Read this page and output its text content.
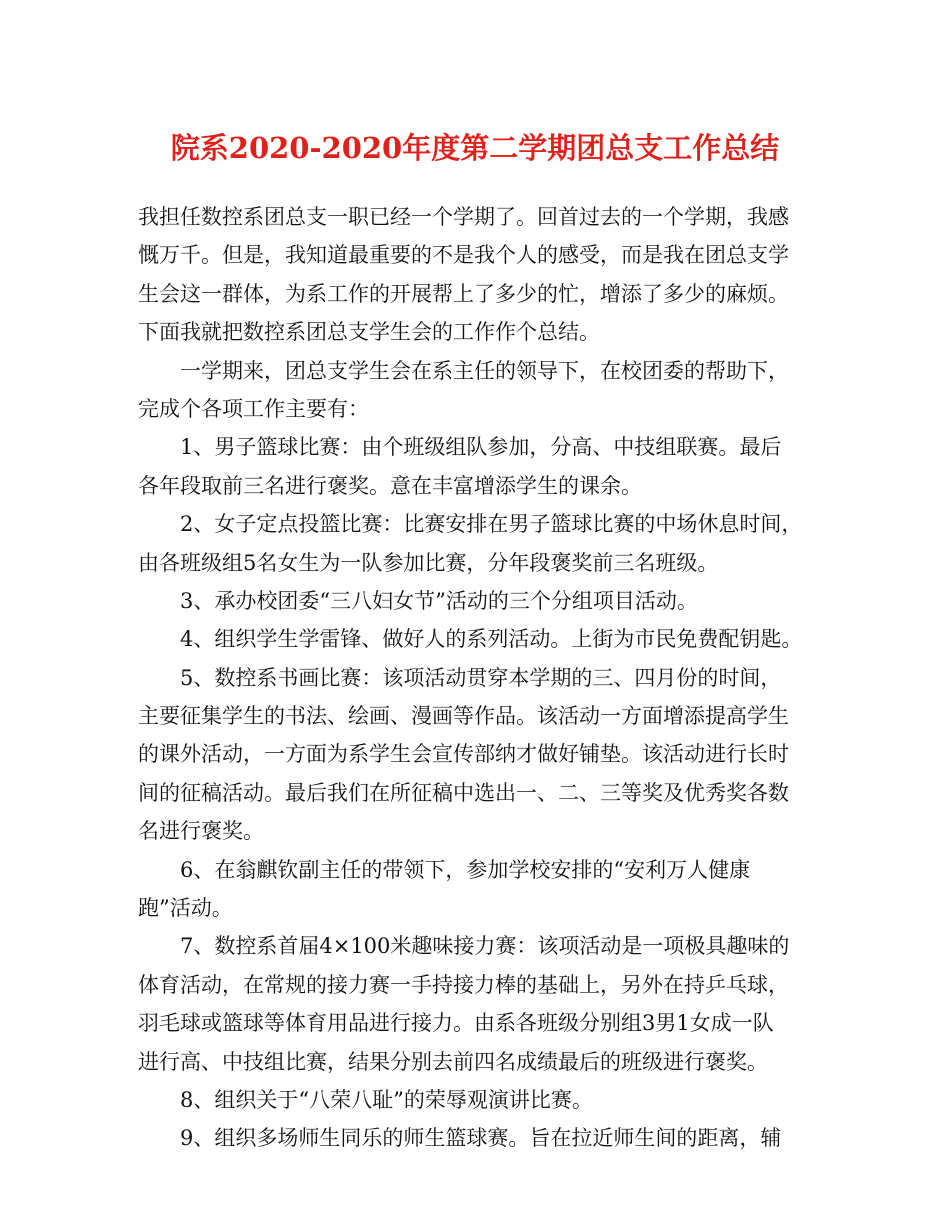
院系2020-2020年度第二学期团总支工作总结
我担任数控系团总支一职已经一个学期了。回首过去的一个学期，我感
慨万千。但是，我知道最重要的不是我个人的感受，而是我在团总支学
生会这一群体，为系工作的开展帮上了多少的忙，增添了多少的麻烦。
下面我就把数控系团总支学生会的工作作个总结。
一学期来，团总支学生会在系主任的领导下，在校团委的帮助下，
完成个各项工作主要有：
1、男子篮球比赛：由个班级组队参加，分高、中技组联赛。最后
各年段取前三名进行褒奖。意在丰富增添学生的课余。
2、女子定点投篮比赛：比赛安排在男子篮球比赛的中场休息时间，
由各班级组5名女生为一队参加比赛，分年段褒奖前三名班级。
3、承办校团委“三八妇女节”活动的三个分组项目活动。
4、组织学生学雷锋、做好人的系列活动。上街为市民免费配钥匙。
5、数控系书画比赛：该项活动贯穿本学期的三、四月份的时间，
主要征集学生的书法、绘画、漫画等作品。该活动一方面增添提高学生
的课外活动，一方面为系学生会宣传部纳才做好铺垫。该活动进行长时
间的征稿活动。最后我们在所征稿中选出一、二、三等奖及优秀奖各数
名进行褒奖。
6、在翁麒钦副主任的带领下，参加学校安排的“安利万人健康
跑”活动。
7、数控系首届4×100米趣味接力赛：该项活动是一项极具趣味的
体育活动，在常规的接力赛一手持接力棒的基础上，另外在持乒乓球，
羽毛球或篮球等体育用品进行接力。由系各班级分别组3男1女成一队
进行高、中技组比赛，结果分别去前四名成绩最后的班级进行褒奖。
8、组织关于“八荣八耻”的荣辱观演讲比赛。
9、组织多场师生同乐的师生篮球赛。旨在拉近师生间的距离，辅
